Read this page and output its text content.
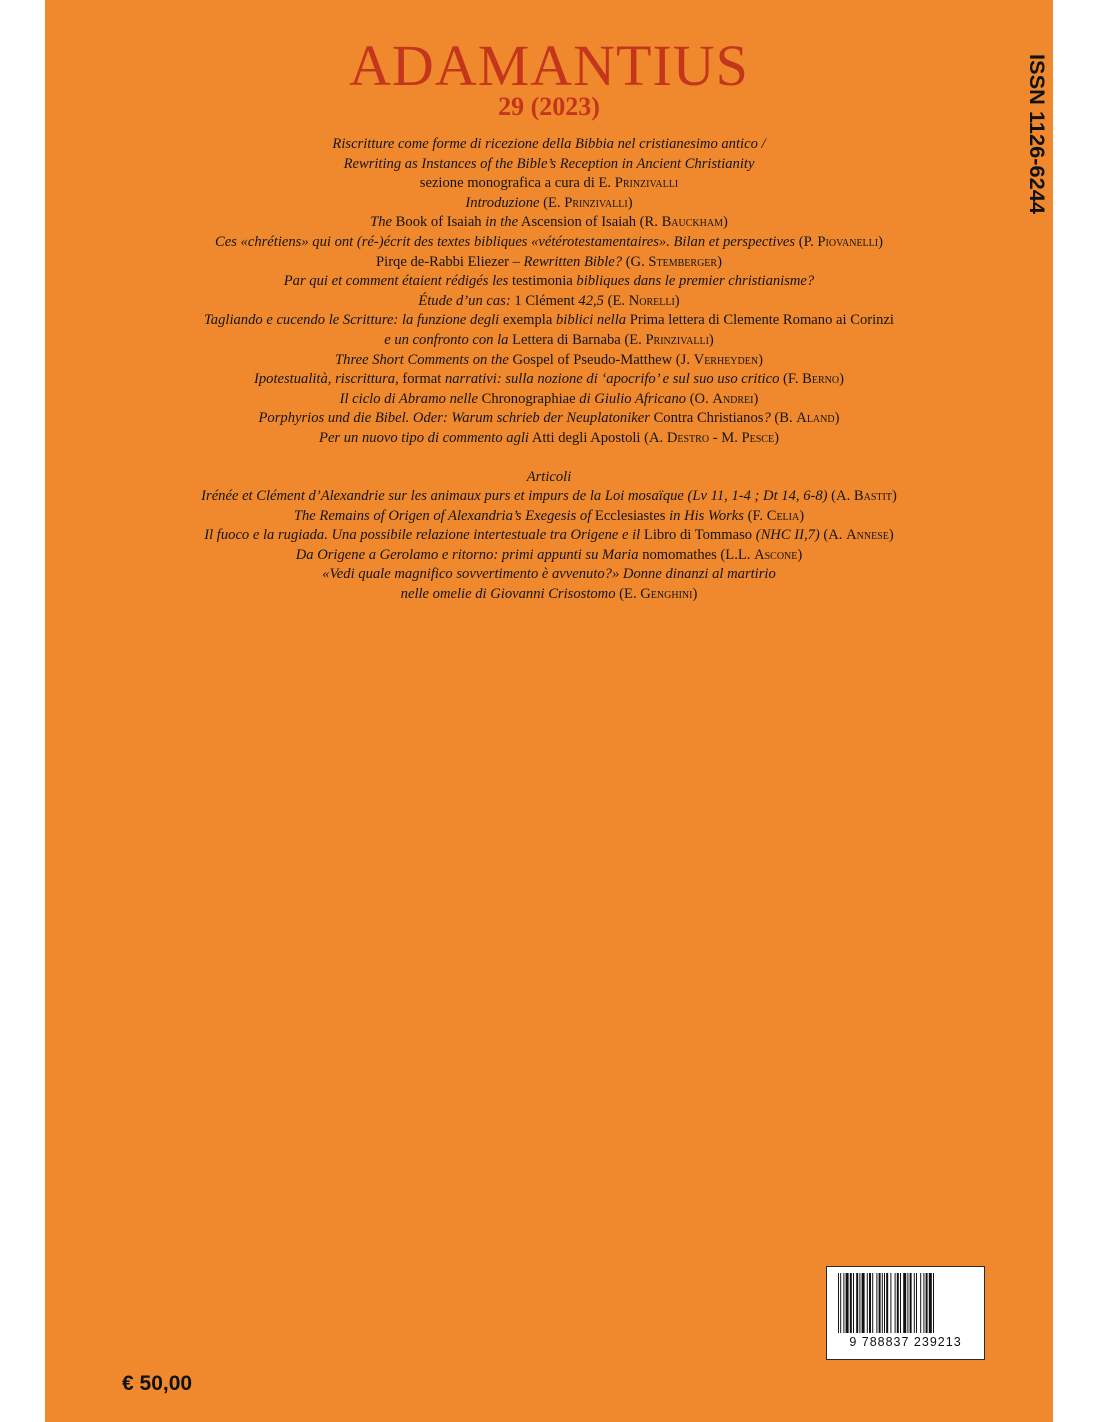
ADAMANTIUS
29 (2023)	ISSN 1126-6244
Riscritture come forme di ricezione della Bibbia nel cristianesimo antico /
Rewriting as Instances of the Bible’s Reception in Ancient Christianity
sezione monografica a cura di E. Prinzivalli
Introduzione (E. Prinzivalli)
The Book of Isaiah in the Ascension of Isaiah (R. Bauckham)
Ces «chrétiens» qui ont (ré-)écrit des textes bibliques «vétérotestamentaires». Bilan et perspectives (P. Piovanelli)
Pirqe de-Rabbi Eliezer – Rewritten Bible? (G. Stemberger)
Par qui et comment étaient rédigés les testimonia bibliques dans le premier christianisme?
Étude d’un cas: 1 Clément 42,5 (E. Norelli)
Tagliando e cucendo le Scritture: la funzione degli exempla biblici nella Prima lettera di Clemente Romano ai Corinzi
e un confronto con la Lettera di Barnaba (E. Prinzivalli)
Three Short Comments on the Gospel of Pseudo-Matthew (J. Verheyden)
Ipotestualità, riscrittura, format narrativi: sulla nozione di ‘apocrifo’ e sul suo uso critico (F. Berno)
Il ciclo di Abramo nelle Chronographiae di Giulio Africano (O. Andrei)
Porphyrios und die Bibel. Oder: Warum schrieb der Neuplatoniker Contra Christianos? (B. Aland)
Per un nuovo tipo di commento agli Atti degli Apostoli (A. Destro - M. Pesce)
Articoli
Irénée et Clément d’Alexandrie sur les animaux purs et impurs de la Loi mosaïque (Lv 11, 1-4 ; Dt 14, 6-8) (A. Bastit)
The Remains of Origen of Alexandria’s Exegesis of Ecclesiastes in His Works (F. Celia)
Il fuoco e la rugiada. Una possibile relazione intertestuale tra Origene e il Libro di Tommaso (NHC II,7) (A. Annese)
Da Origene a Gerolamo e ritorno: primi appunti su Maria nomomathes (L.L. Ascone)
«Vedi quale magnifico sovvertimento è avvenuto?» Donne dinanzi al martirio
nelle omelie di Giovanni Crisostomo (E. Genghini)
9 788837 239213
€ 50,00
